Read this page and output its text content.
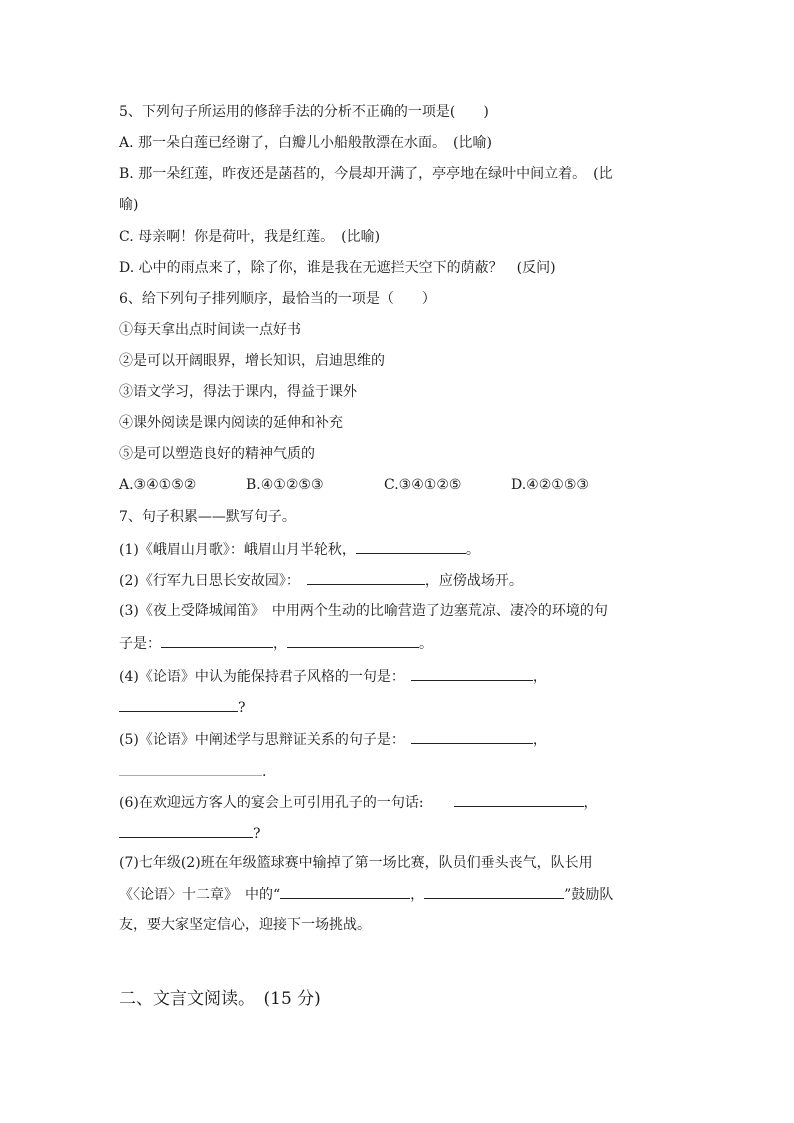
5、下列句子所运用的修辞手法的分析不正确的一项是(　　)
A. 那一朵白莲已经谢了，白瓣儿小船般散漂在水面。　(比喻)
B. 那一朵红莲，昨夜还是菡萏的，今晨却开满了，亭亭地在绿叶中间立着。　(比
喻)
C. 母亲啊！你是荷叶，我是红莲。　(比喻)
D. 心中的雨点来了，除了你，谁是我在无遮拦天空下的荫蔽？　(反问)
6、给下列句子排列顺序，最恰当的一项是（　　）
①每天拿出点时间读一点好书
②是可以开阔眼界，增长知识，启迪思维的
③语文学习，得法于课内，得益于课外
④课外阅读是课内阅读的延伸和补充
⑤是可以塑造良好的精神气质的
A.③④①⑤②	B.④①②⑤③	C.③④①②⑤	D.④②①⑤③
7、句子积累——默写句子。
(1)《峨眉山月歌》：峨眉山月半轮秋，	。
(2)《行军九日思长安故园》：　	，应傍战场开。
(3)《夜上受降城闻笛》　中用两个生动的比喻营造了边塞荒凉、凄冷的环境的句
子是：	，	。
(4)《论语》中认为能保持君子风格的一句是：	，
?
(5)《论语》中阐述学与思辩证关系的句子是：	，
.
(6)在欢迎远方客人的宴会上可引用孔子的一句话:	，
?
(7)七年级(2)班在年级篮球赛中输掉了第一场比赛，队员们垂头丧气，队长用
《〈论语〉十二章》　中的“	，	”鼓励队
友，要大家坚定信心，迎接下一场挑战。
二、文言文阅读。　(15 分)
